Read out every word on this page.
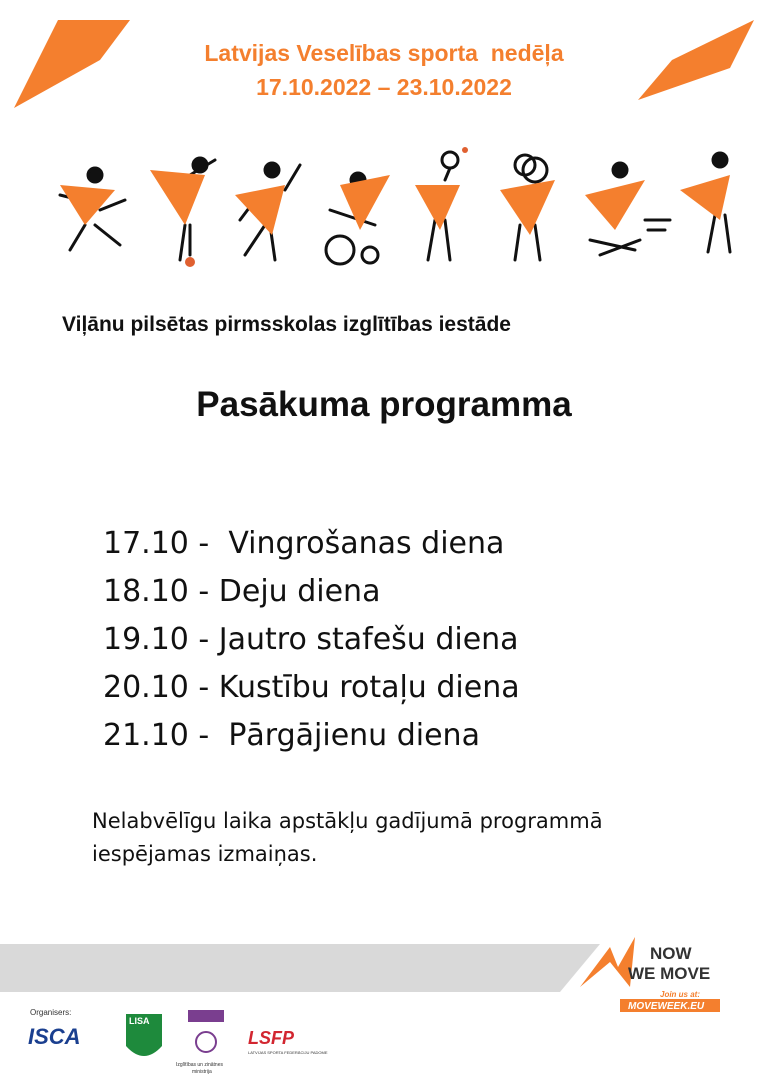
Latvijas Veselības sporta  nedēļa
17.10.2022 – 23.10.2022
Viļānu pilsētas pirmsskolas izglītības iestāde
Pasākuma programma
17.10 -  Vingrošanas diena
18.10 - Deju diena
19.10 - Jautro stafešu diena
20.10 - Kustību rotaļu diena
21.10 -  Pārgājienu diena
Nelabvēlīgu laika apstākļu gadījumā programmā
iespējamas izmaiņas.
NOW
WE MOVE
Join us at:
MOVEWEEK.EU
Organisers:
ISCA
LISA
Izglītības un zinātnes
ministrija
LSFP
LATVIJAS SPORTA FEDERĀCIJU PADOME
